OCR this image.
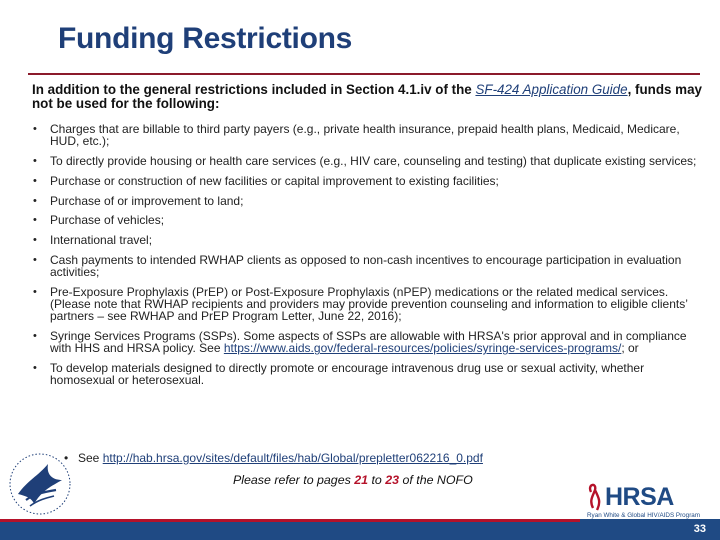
Funding Restrictions
In addition to the general restrictions included in Section 4.1.iv of the SF-424 Application Guide, funds may not be used for the following:
• Charges that are billable to third party payers (e.g., private health insurance, prepaid health plans, Medicaid, Medicare, HUD, etc.);
• To directly provide housing or health care services (e.g., HIV care, counseling and testing) that duplicate existing services;
• Purchase or construction of new facilities or capital improvement to existing facilities;
• Purchase of or improvement to land;
• Purchase of vehicles;
• International travel;
• Cash payments to intended RWHAP clients as opposed to non-cash incentives to encourage participation in evaluation activities;
• Pre-Exposure Prophylaxis (PrEP) or Post-Exposure Prophylaxis (nPEP) medications or the related medical services. (Please note that RWHAP recipients and providers may provide prevention counseling and information to eligible clients’ partners – see RWHAP and PrEP Program Letter, June 22, 2016);
• Syringe Services Programs (SSPs). Some aspects of SSPs are allowable with HRSA's prior approval and in compliance with HHS and HRSA policy. See https://www.aids.gov/federal-resources/policies/syringe-services-programs/; or
• To develop materials designed to directly promote or encourage intravenous drug use or sexual activity, whether homosexual or heterosexual.
• See http://hab.hrsa.gov/sites/default/files/hab/Global/prepletter062216_0.pdf
Please refer to pages 21 to 23 of the NOFO
HRSA
Ryan White & Global HIV/AIDS Program
33
